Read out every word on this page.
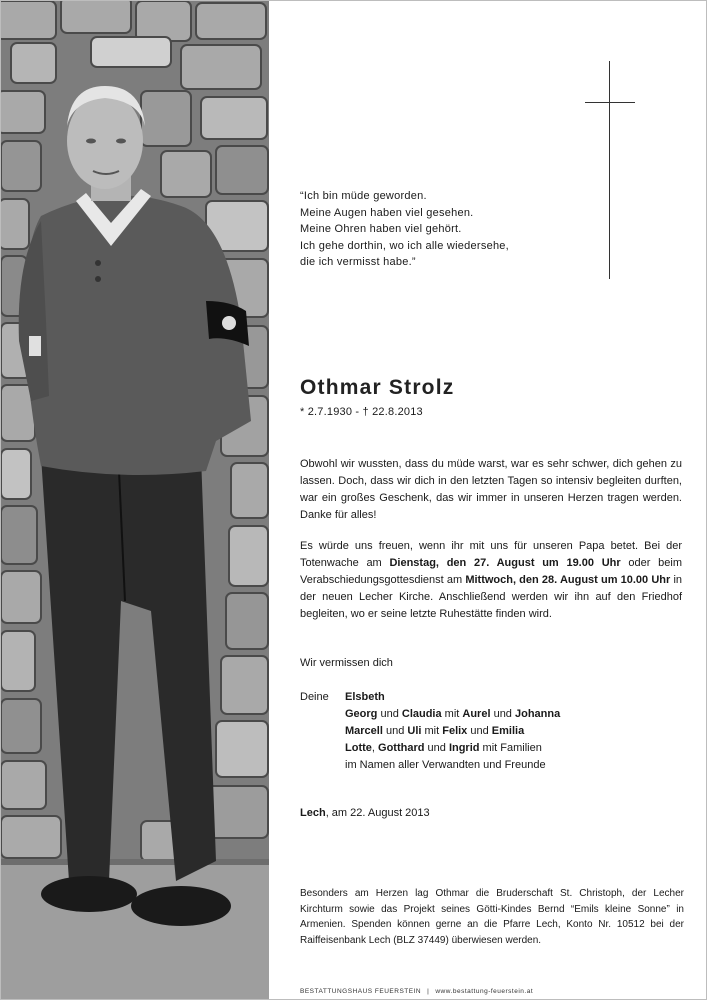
“Ich bin müde geworden.
Meine Augen haben viel gesehen.
Meine Ohren haben viel gehört.
Ich gehe dorthin, wo ich alle wiedersehe,
die ich vermisst habe.”
Othmar Strolz
* 2.7.1930 - † 22.8.2013
Obwohl wir wussten, dass du müde warst, war es sehr schwer, dich gehen zu lassen. Doch, dass wir dich in den letzten Tagen so intensiv begleiten durften, war ein großes Geschenk, das wir immer in unseren Herzen tragen werden. Danke für alles!
Es würde uns freuen, wenn ihr mit uns für unseren Papa betet. Bei der Totenwache am Dienstag, den 27. August um 19.00 Uhr oder beim Verabschiedungsgottesdienst am Mittwoch, den 28. August um 10.00 Uhr in der neuen Lecher Kirche. Anschließend werden wir ihn auf den Friedhof begleiten, wo er seine letzte Ruhestätte finden wird.
Wir vermissen dich
Deine Elsbeth
Georg und Claudia mit Aurel und Johanna
Marcell und Uli mit Felix und Emilia
Lotte, Gotthard und Ingrid mit Familien
im Namen aller Verwandten und Freunde
Lech, am 22. August 2013
Besonders am Herzen lag Othmar die Bruderschaft St. Christoph, der Lecher Kirchturm sowie das Projekt seines Götti-Kindes Bernd “Emils kleine Sonne” in Armenien. Spenden können gerne an die Pfarre Lech, Konto Nr. 10512 bei der Raiffeisenbank Lech (BLZ 37449) überwiesen werden.
BESTATTUNGSHAUS FEUERSTEIN | www.bestattung-feuerstein.at
